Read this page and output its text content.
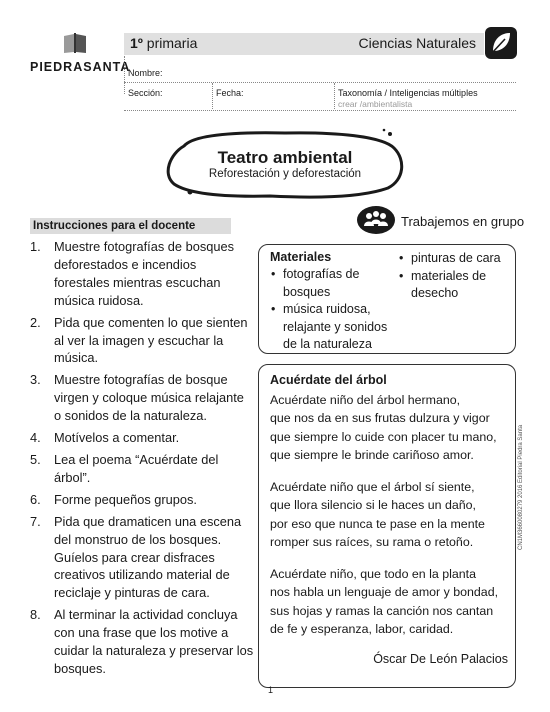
PIEDRASANTA
1º primaria	Ciencias Naturales
Nombre:
Sección:	Fecha:	Taxonomía / Inteligencias múltiples
crear /ambientalista
Teatro ambiental
Reforestación y deforestación
Trabajemos en grupo
Instrucciones para el docente
1. Muestre fotografías de bosques deforestados e incendios forestales mientras escuchan música ruidosa.
2. Pida que comenten lo que sienten al ver la imagen y escuchar la música.
3. Muestre fotografías de bosque virgen y coloque música relajante o sonidos de la naturaleza.
4. Motívelos a comentar.
5. Lea el poema “Acuérdate del árbol”.
6. Forme pequeños grupos.
7. Pida que dramaticen una escena del monstruo de los bosques. Guíelos para crear disfraces creativos utilizando material de reciclaje y pinturas de cara.
8. Al terminar la actividad concluya con una frase que los motive a cuidar la naturaleza y preservar los bosques.
Materiales
• fotografías de bosques
• música ruidosa, relajante y sonidos de la naturaleza
• pinturas de cara
• materiales de desecho
Acuérdate del árbol
Acuérdate niño del árbol hermano,
que nos da en sus frutas dulzura y vigor
que siempre lo cuide con placer tu mano,
que siempre le brinde cariñoso amor.
Acuérdate niño que el árbol sí siente,
que llora silencio si le haces un daño,
por eso que nunca te pase en la mente
romper sus raíces, su rama o retoño.
Acuérdate niño, que todo en la planta
nos habla un lenguaje de amor y bondad,
sus hojas y ramas la canción nos cantan
de fe y esperanza, labor, caridad.
Óscar De León Palacios
CN1M3660080279 2016 Editorial Piedra Santa
1
